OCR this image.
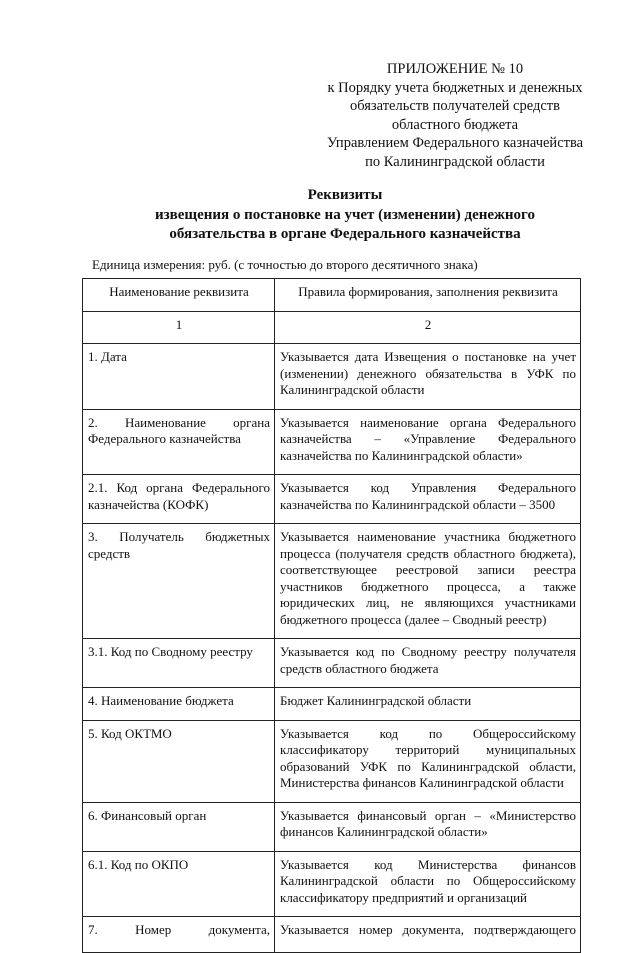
ПРИЛОЖЕНИЕ № 10
к Порядку учета бюджетных и денежных
обязательств получателей средств
областного бюджета
Управлением Федерального казначейства
по Калининградской области
Реквизиты
извещения о постановке на учет (изменении) денежного
обязательства в органе Федерального казначейства
Единица измерения: руб. (с точностью до второго десятичного знака)
Наименование реквизита	Правила формирования, заполнения реквизита
1	2
1. Дата	Указывается дата Извещения о постановке на учет (изменении) денежного обязательства в УФК по Калининградской области
2. Наименование органа Федерального казначейства	Указывается наименование органа Федерального казначейства – «Управление Федерального казначейства по Калининградской области»
2.1. Код органа Федерального казначейства (КОФК)	Указывается код Управления Федерального казначейства по Калининградской области – 3500
3. Получатель бюджетных средств	Указывается наименование участника бюджетного процесса (получателя средств областного бюджета), соответствующее реестровой записи реестра участников бюджетного процесса, а также юридических лиц, не являющихся участниками бюджетного процесса (далее – Сводный реестр)
3.1. Код по Сводному реестру	Указывается код по Сводному реестру получателя средств областного бюджета
4. Наименование бюджета	Бюджет Калининградской области
5. Код ОКТМО	Указывается код по Общероссийскому классификатору территорий муниципальных образований УФК по Калининградской области, Министерства финансов Калининградской области
6. Финансовый орган	Указывается финансовый орган – «Министерство финансов Калининградской области»
6.1. Код по ОКПО	Указывается код Министерства финансов Калининградской области по Общероссийскому классификатору предприятий и организаций
7. Номер документа,	Указывается номер документа, подтверждающего
